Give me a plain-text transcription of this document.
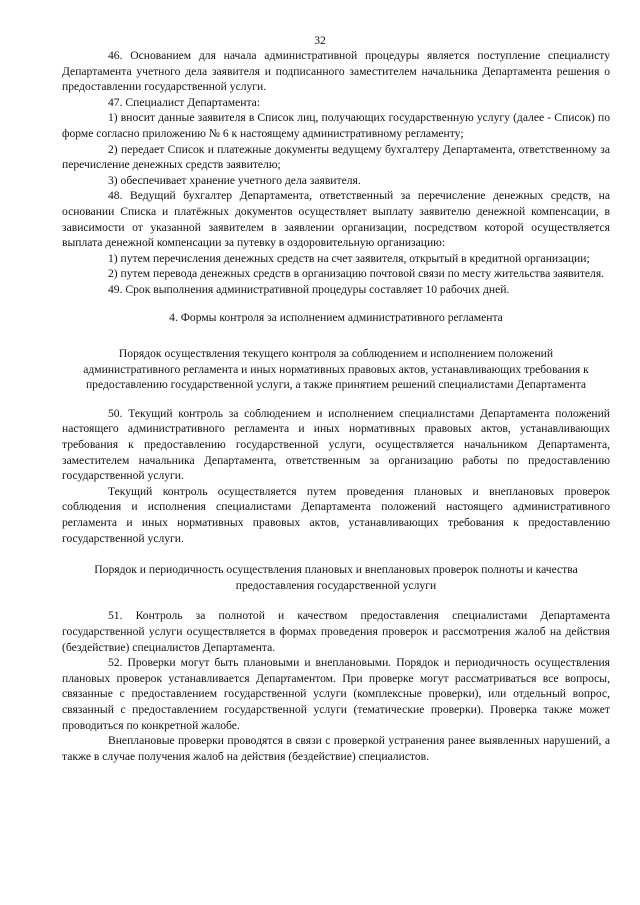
32

46. Основанием для начала административной процедуры является поступление специалисту Департамента учетного дела заявителя и подписанного заместителем начальника Департамента решения о предоставлении государственной услуги.

47. Специалист Департамента:

1) вносит данные заявителя в Список лиц, получающих государственную услугу (далее - Список) по форме согласно приложению № 6 к настоящему административному регламенту;

2) передает Список и платежные документы ведущему бухгалтеру Департамента, ответственному за перечисление денежных средств заявителю;

3) обеспечивает хранение учетного дела заявителя.

48. Ведущий бухгалтер Департамента, ответственный за перечисление денежных средств, на основании Списка и платёжных документов осуществляет выплату заявителю денежной компенсации, в зависимости от указанной заявителем в заявлении организации, посредством которой осуществляется выплата денежной компенсации за путевку в оздоровительную организацию:

1) путем перечисления денежных средств на счет заявителя, открытый в кредитной организации;

2) путем перевода денежных средств в организацию почтовой связи по месту жительства заявителя.

49. Срок выполнения административной процедуры составляет 10 рабочих дней.

4. Формы контроля за исполнением административного регламента

Порядок осуществления текущего контроля за соблюдением и исполнением положений административного регламента и иных нормативных правовых актов, устанавливающих требования к предоставлению государственной услуги, а также принятием решений специалистами Департамента

50. Текущий контроль за соблюдением и исполнением специалистами Департамента положений настоящего административного регламента и иных нормативных правовых актов, устанавливающих требования к предоставлению государственной услуги, осуществляется начальником Департамента, заместителем начальника Департамента, ответственным за организацию работы по предоставлению государственной услуги.

Текущий контроль осуществляется путем проведения плановых и внеплановых проверок соблюдения и исполнения специалистами Департамента положений настоящего административного регламента и иных нормативных правовых актов, устанавливающих требования к предоставлению государственной услуги.

Порядок и периодичность осуществления плановых и внеплановых проверок полноты и качества предоставления государственной услуги

51. Контроль за полнотой и качеством предоставления специалистами Департамента государственной услуги осуществляется в формах проведения проверок и рассмотрения жалоб на действия (бездействие) специалистов Департамента.

52. Проверки могут быть плановыми и внеплановыми. Порядок и периодичность осуществления плановых проверок устанавливается Департаментом. При проверке могут рассматриваться все вопросы, связанные с предоставлением государственной услуги (комплексные проверки), или отдельный вопрос, связанный с предоставлением государственной услуги (тематические проверки). Проверка также может проводиться по конкретной жалобе.

Внеплановые проверки проводятся в связи с проверкой устранения ранее выявленных нарушений, а также в случае получения жалоб на действия (бездействие) специалистов.
